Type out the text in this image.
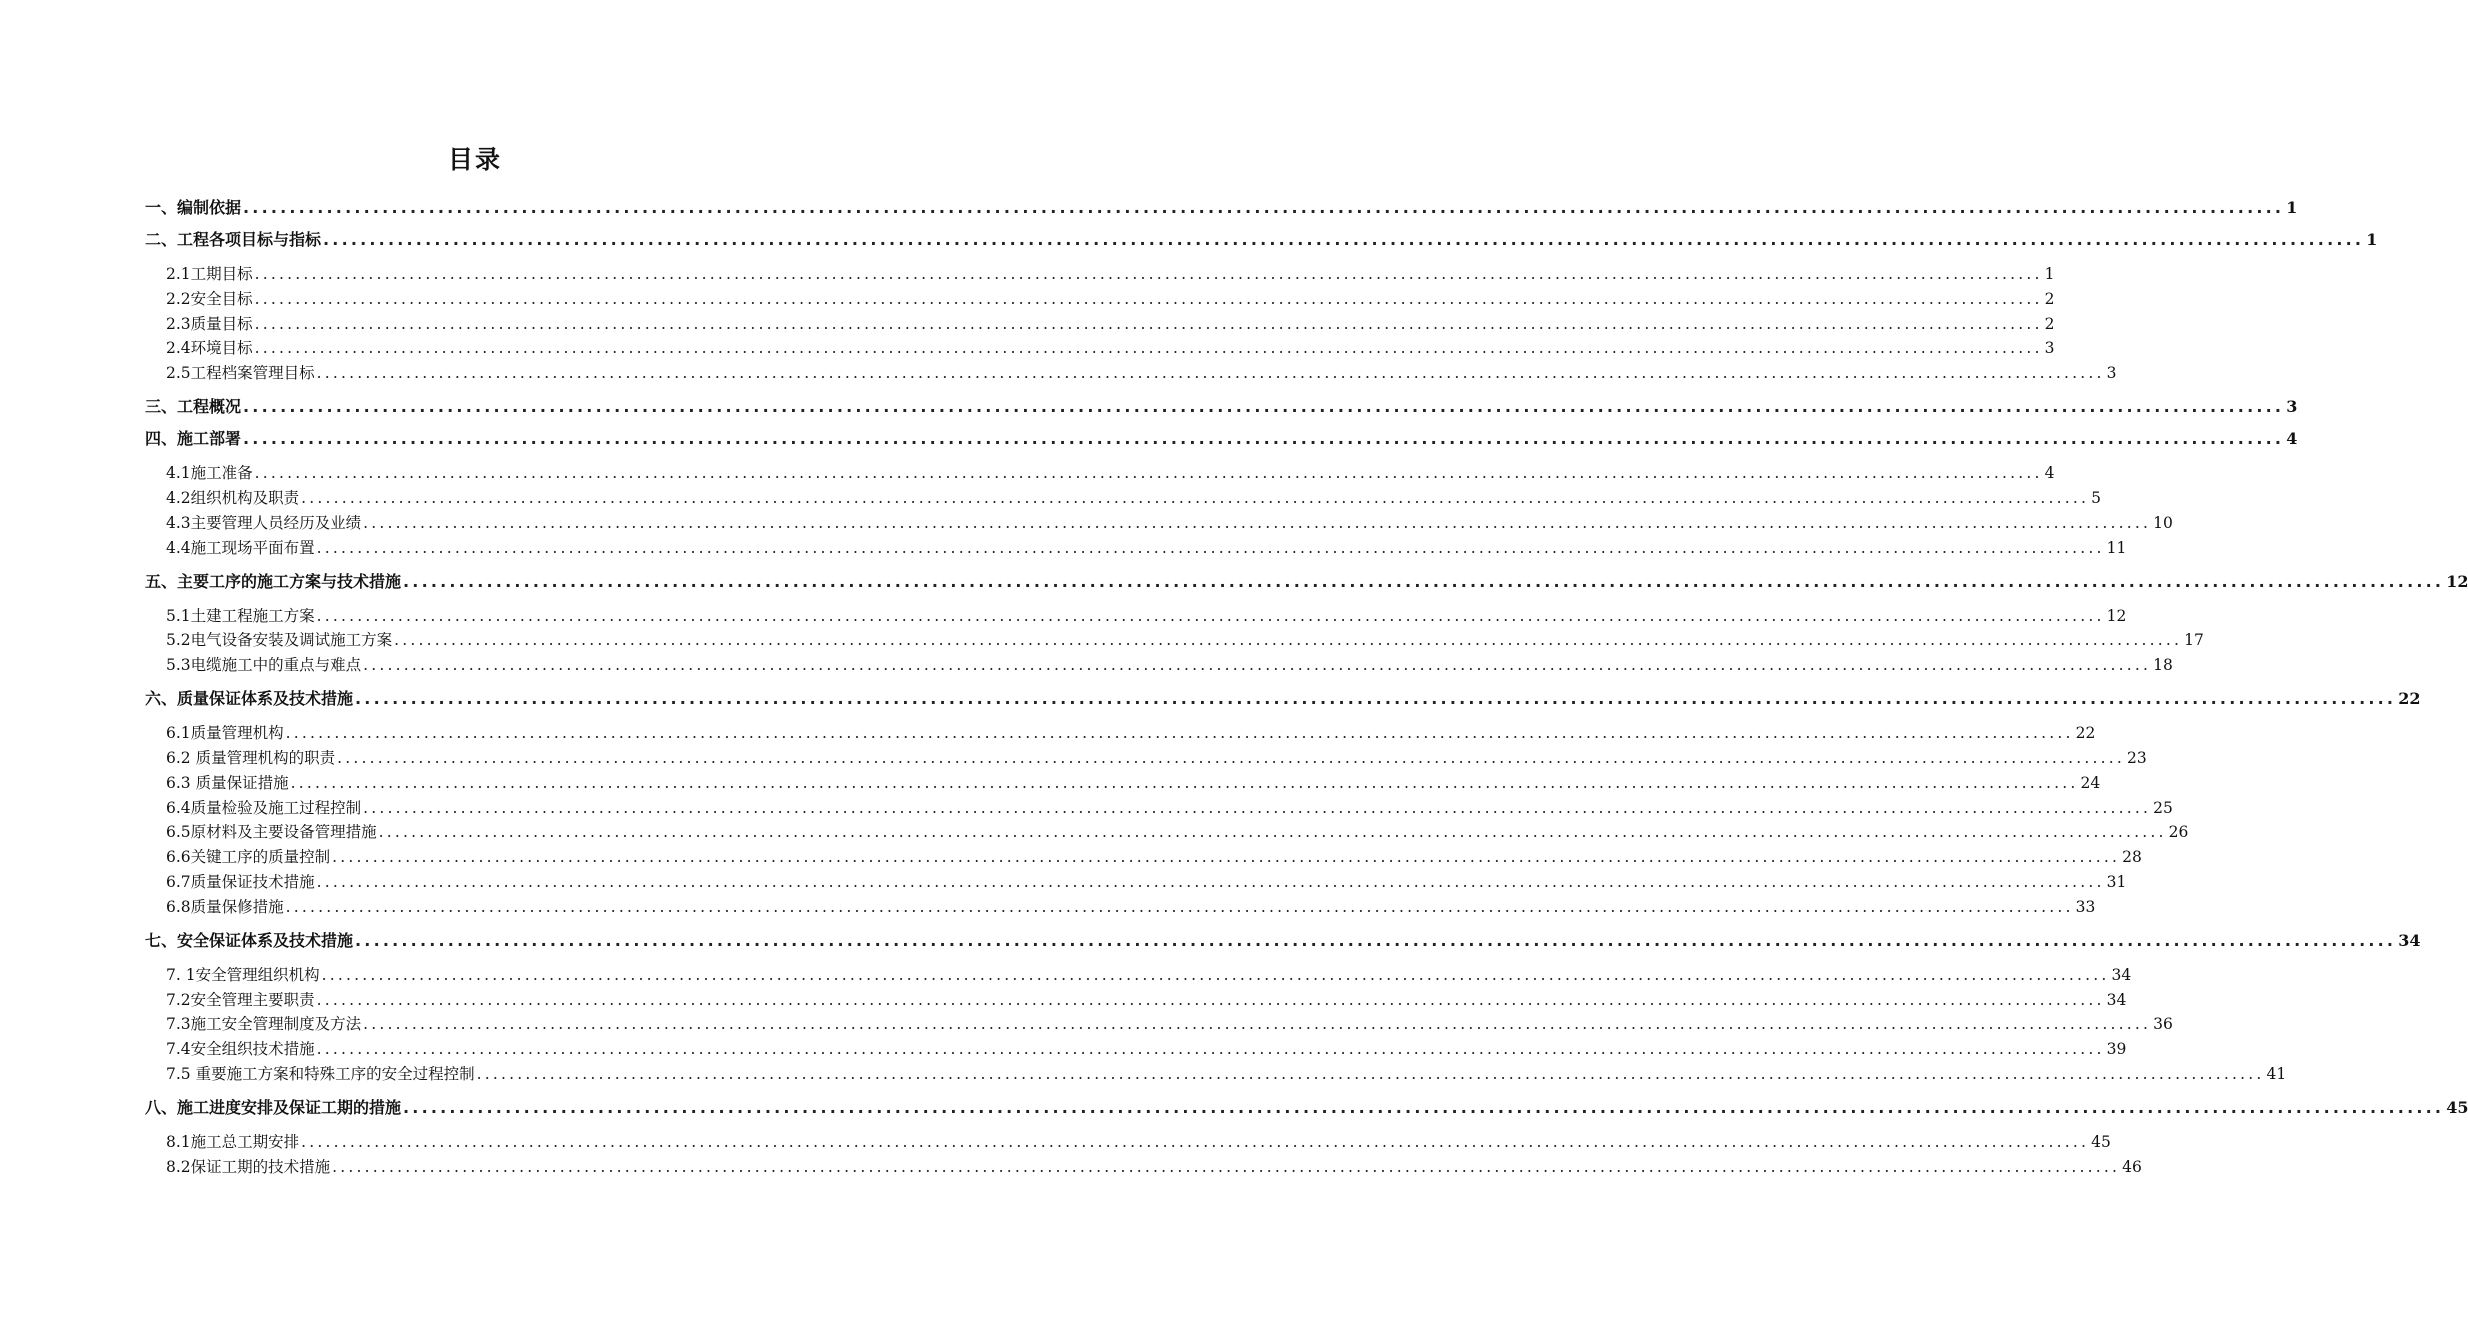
目录
一、编制依据 ............................................................................................................................................................................................................................ 1
二、工程各项目标与指标 ............................................................................................................................................................................................................................ 1
2.1工期目标 ............................................................................................................................................................................................................................ 1
2.2安全目标 ............................................................................................................................................................................................................................ 2
2.3质量目标 ............................................................................................................................................................................................................................ 2
2.4环境目标 ............................................................................................................................................................................................................................ 3
2.5工程档案管理目标 ............................................................................................................................................................................................................................ 3
三、工程概况 ............................................................................................................................................................................................................................ 3
四、施工部署 ............................................................................................................................................................................................................................ 4
4.1施工准备 ............................................................................................................................................................................................................................ 4
4.2组织机构及职责 ............................................................................................................................................................................................................................ 5
4.3主要管理人员经历及业绩 ............................................................................................................................................................................................................................ 10
4.4施工现场平面布置 ............................................................................................................................................................................................................................ 11
五、主要工序的施工方案与技术措施 ............................................................................................................................................................................................................................ 12
5.1土建工程施工方案 ............................................................................................................................................................................................................................ 12
5.2电气设备安装及调试施工方案 ............................................................................................................................................................................................................................ 17
5.3电缆施工中的重点与难点 ............................................................................................................................................................................................................................ 18
六、质量保证体系及技术措施 ............................................................................................................................................................................................................................ 22
6.1质量管理机构 ............................................................................................................................................................................................................................ 22
6.2 质量管理机构的职责 ............................................................................................................................................................................................................................ 23
6.3 质量保证措施 ............................................................................................................................................................................................................................ 24
6.4质量检验及施工过程控制 ............................................................................................................................................................................................................................ 25
6.5原材料及主要设备管理措施 ............................................................................................................................................................................................................................ 26
6.6关键工序的质量控制 ............................................................................................................................................................................................................................ 28
6.7质量保证技术措施 ............................................................................................................................................................................................................................ 31
6.8质量保修措施 ............................................................................................................................................................................................................................ 33
七、安全保证体系及技术措施 ............................................................................................................................................................................................................................ 34
7. 1安全管理组织机构 ............................................................................................................................................................................................................................ 34
7.2安全管理主要职责 ............................................................................................................................................................................................................................ 34
7.3施工安全管理制度及方法 ............................................................................................................................................................................................................................ 36
7.4安全组织技术措施 ............................................................................................................................................................................................................................ 39
7.5 重要施工方案和特殊工序的安全过程控制 ............................................................................................................................................................................................................................ 41
八、施工进度安排及保证工期的措施 ............................................................................................................................................................................................................................ 45
8.1施工总工期安排 ............................................................................................................................................................................................................................ 45
8.2保证工期的技术措施 ............................................................................................................................................................................................................................ 46
